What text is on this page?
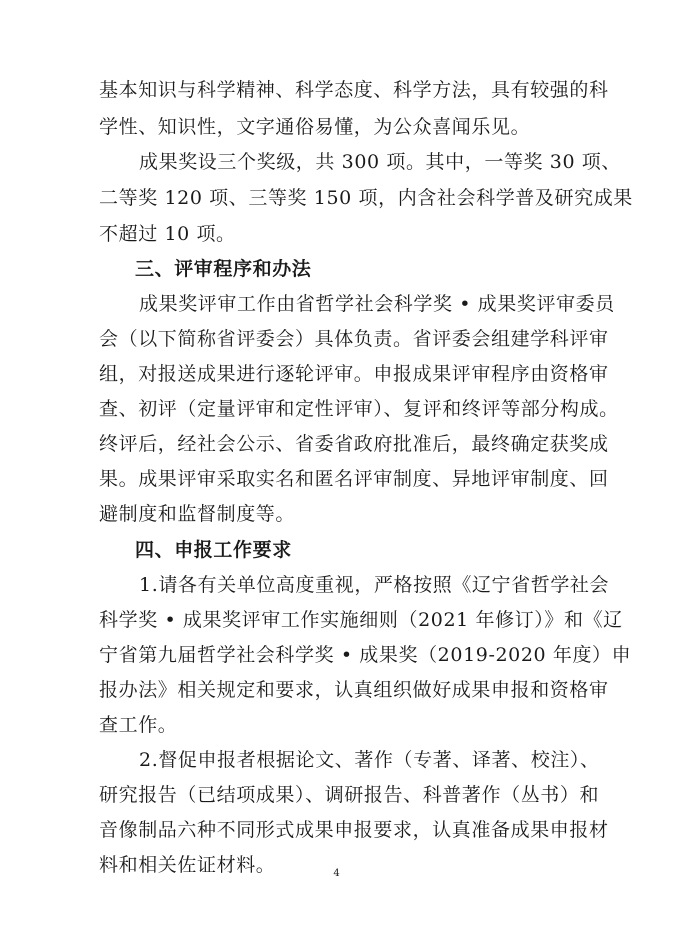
基本知识与科学精神、科学态度、科学方法，具有较强的科
学性、知识性，文字通俗易懂，为公众喜闻乐见。
成果奖设三个奖级，共 300 项。其中，一等奖 30 项、
二等奖 120 项、三等奖 150 项，内含社会科学普及研究成果
不超过 10 项。
三、评审程序和办法
成果奖评审工作由省哲学社会科学奖 • 成果奖评审委员
会（以下简称省评委会）具体负责。省评委会组建学科评审
组，对报送成果进行逐轮评审。申报成果评审程序由资格审
查、初评（定量评审和定性评审）、复评和终评等部分构成。
终评后，经社会公示、省委省政府批准后，最终确定获奖成
果。成果评审采取实名和匿名评审制度、异地评审制度、回
避制度和监督制度等。
四、申报工作要求
1.请各有关单位高度重视，严格按照《辽宁省哲学社会
科学奖 • 成果奖评审工作实施细则（2021 年修订）》和《辽
宁省第九届哲学社会科学奖 • 成果奖（2019-2020 年度）申
报办法》相关规定和要求，认真组织做好成果申报和资格审
查工作。
2.督促申报者根据论文、著作（专著、译著、校注）、
研究报告（已结项成果）、调研报告、科普著作（丛书）和
音像制品六种不同形式成果申报要求，认真准备成果申报材
料和相关佐证材料。	4
